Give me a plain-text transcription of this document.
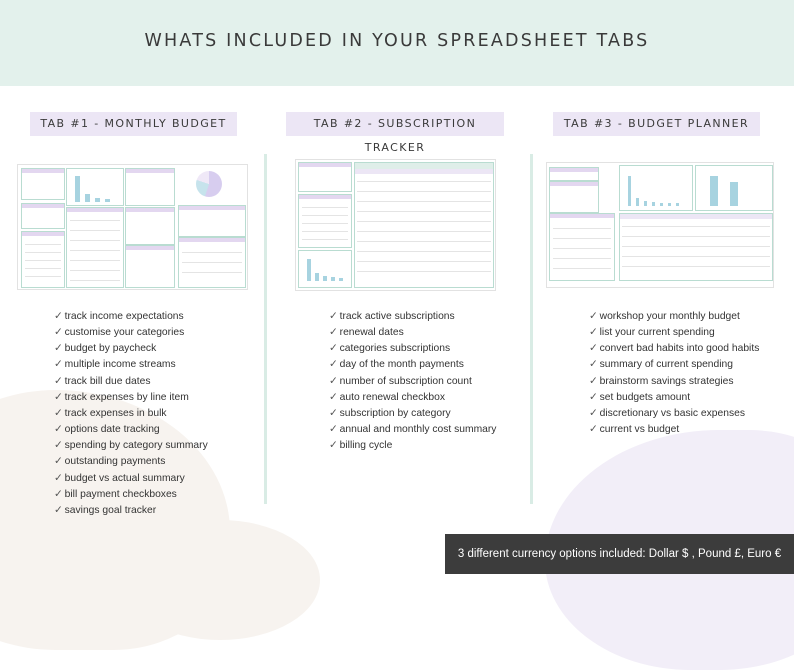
WHATS INCLUDED IN YOUR SPREADSHEET TABS
TAB #1 - MONTHLY BUDGET	TAB #2 - SUBSCRIPTION TRACKER
TAB #3 - BUDGET PLANNER
✓ track income expectations
✓ customise your categories
✓ budget by paycheck
✓ multiple income streams
✓ track bill due dates
✓ track expenses by line item
✓ track expenses in bulk
✓ options date tracking
✓ spending by category summary
✓ outstanding payments
✓ budget vs actual summary
✓ bill payment checkboxes
✓ savings goal tracker
✓ track active subscriptions
✓ renewal dates
✓ categories subscriptions
✓ day of the month payments
✓ number of subscription count
✓ auto renewal checkbox
✓ subscription by category
✓ annual and monthly cost summary
✓ billing cycle
✓ workshop your monthly budget
✓ list your current spending
✓ convert bad habits into good habits
✓ summary of current spending
✓ brainstorm savings strategies
✓ set budgets amount
✓ discretionary vs basic expenses
✓ current vs budget
3 different currency options included: Dollar $ , Pound £, Euro €
